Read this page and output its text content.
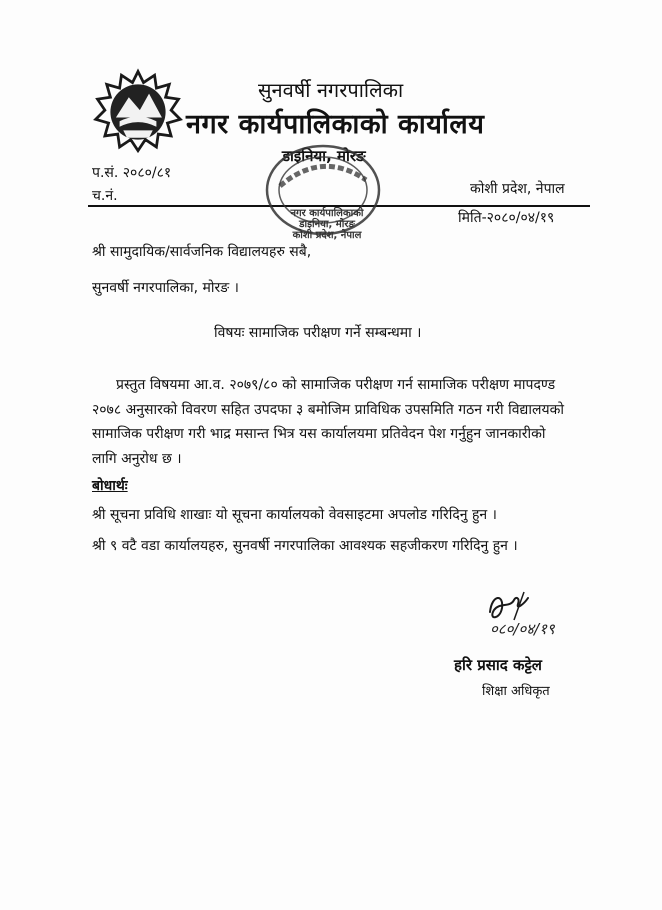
सुनवर्षी नगरपालिका
नगर कार्यपालिकाको कार्यालय
डाइनिया, मोरङ
प.सं. २०८०/८१
च.नं.	कोशी प्रदेश, नेपाल
मिति-२०८०/०४/१९
नगर कार्यपालिकाको
डाइनिया, मोरङ
कोशी प्रदेश, नेपाल
श्री सामुदायिक/सार्वजनिक विद्यालयहरु सबै,
सुनवर्षी नगरपालिका, मोरङ ।
विषयः सामाजिक परीक्षण गर्ने सम्बन्धमा ।
प्रस्तुत विषयमा आ.व. २०७९/८० को सामाजिक परीक्षण गर्न सामाजिक परीक्षण मापदण्ड २०७८ अनुसारको विवरण सहित उपदफा ३ बमोजिम प्राविधिक उपसमिति गठन गरी विद्यालयको सामाजिक परीक्षण गरी भाद्र मसान्त भित्र यस कार्यालयमा प्रतिवेदन पेश गर्नुहुन जानकारीको लागि अनुरोध छ ।
बोधार्थः
श्री सूचना प्रविधि शाखाः यो सूचना कार्यालयको वेवसाइटमा अपलोड गरिदिनु हुन ।
श्री ९ वटै वडा कार्यालयहरु, सुनवर्षी नगरपालिका आवश्यक सहजीकरण गरिदिनु हुन ।
०८०/०४/१९
हरि प्रसाद कट्टेल
शिक्षा अधिकृत
